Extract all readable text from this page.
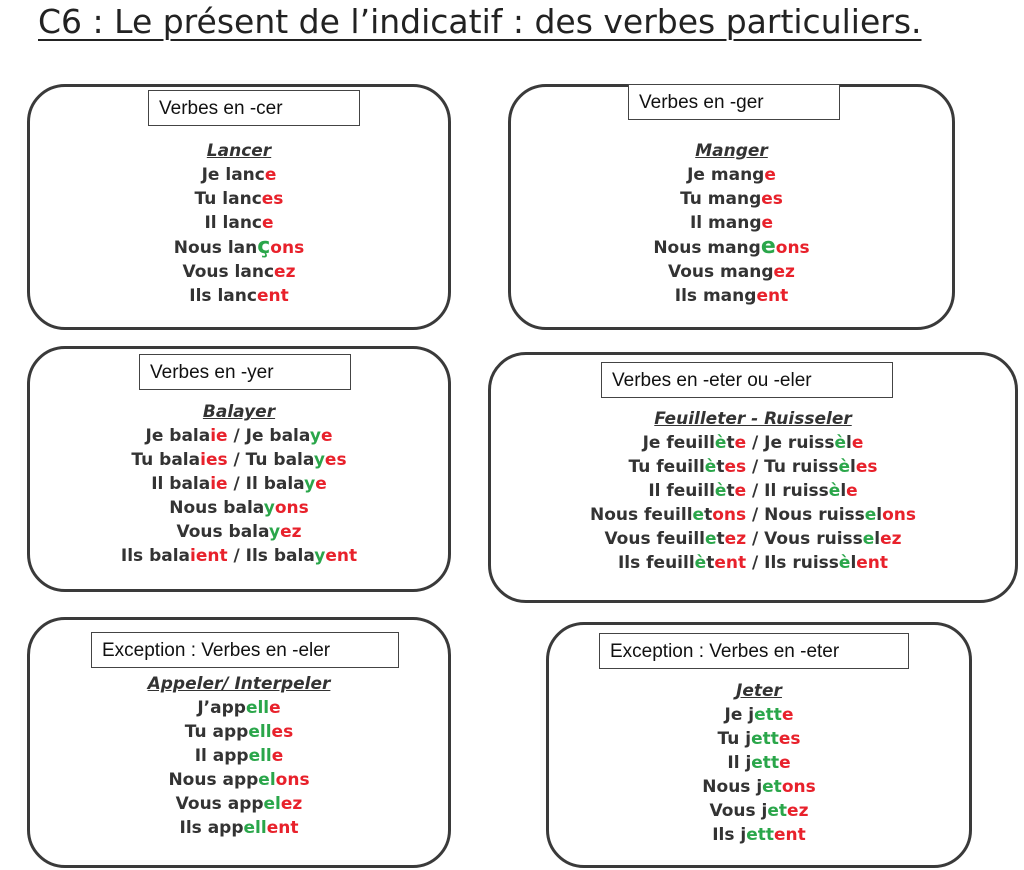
C6 : Le présent de l’indicatif : des verbes particuliers.
Verbes en -cer
Lancer
Je lance
Tu lances
Il lance
Nous lançons
Vous lancez
Ils lancent
Verbes en -ger
Manger
Je mange
Tu manges
Il mange
Nous mangeons
Vous mangez
Ils mangent
Verbes en -yer
Balayer
Je balaie / Je balaye
Tu balaies / Tu balayes
Il balaie / Il balaye
Nous balayons
Vous balayez
Ils balaient / Ils balayent
Verbes en -eter ou -eler
Feuilleter - Ruisseler
Je feuillète / Je ruissèle
Tu feuillètes / Tu ruissèles
Il feuillète / Il ruissèle
Nous feuilletons / Nous ruisselons
Vous feuilletez / Vous ruisselez
Ils feuillètent / Ils ruissèlent
Exception : Verbes en -eler
Appeler/ Interpeler
J’appelle
Tu appelles
Il appelle
Nous appelons
Vous appelez
Ils appellent
Exception : Verbes en -eter
Jeter
Je jette
Tu jettes
Il jette
Nous jetons
Vous jetez
Ils jettent
